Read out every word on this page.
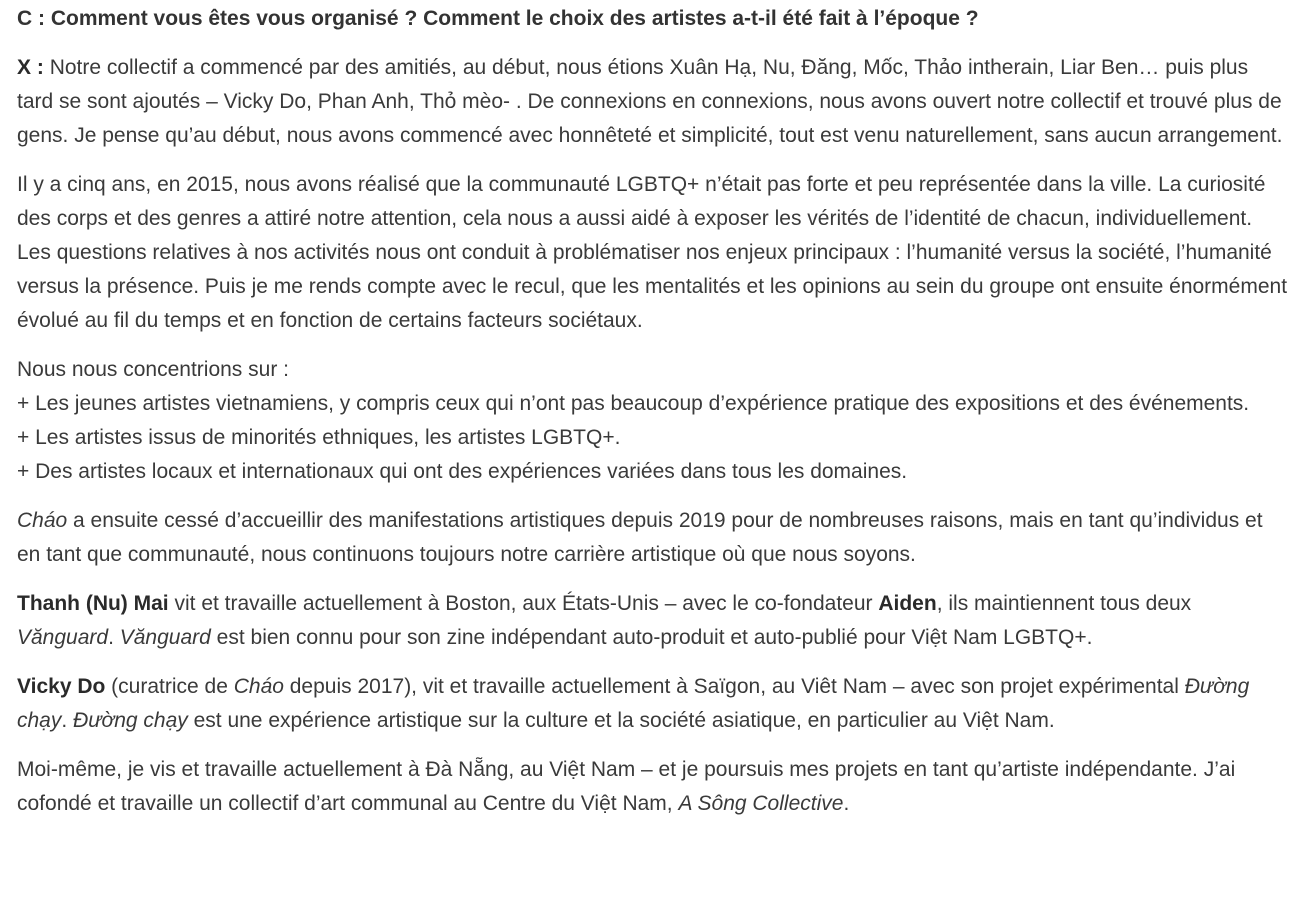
C : Comment vous êtes vous organisé ? Comment le choix des artistes a-t-il été fait à l’époque ?

X : Notre collectif a commencé par des amitiés, au début, nous étions Xuân Hạ, Nu, Đăng, Mốc, Thảo intherain, Liar Ben… puis plus tard se sont ajoutés – Vicky Do, Phan Anh, Thỏ mèo- . De connexions en connexions, nous avons ouvert notre collectif et trouvé plus de gens. Je pense qu’au début, nous avons commencé avec honnêteté et simplicité, tout est venu naturellement, sans aucun arrangement.

Il y a cinq ans, en 2015, nous avons réalisé que la communauté LGBTQ+ n’était pas forte et peu représentée dans la ville. La curiosité des corps et des genres a attiré notre attention, cela nous a aussi aidé à exposer les vérités de l’identité de chacun, individuellement. Les questions relatives à nos activités nous ont conduit à problématiser nos enjeux principaux : l’humanité versus la société, l’humanité versus la présence. Puis je me rends compte avec le recul, que les mentalités et les opinions au sein du groupe ont ensuite énormément évolué au fil du temps et en fonction de certains facteurs sociétaux.

Nous nous concentrions sur :
+ Les jeunes artistes vietnamiens, y compris ceux qui n’ont pas beaucoup d’expérience pratique des expositions et des événements.
+ Les artistes issus de minorités ethniques, les artistes LGBTQ+.
+ Des artistes locaux et internationaux qui ont des expériences variées dans tous les domaines.

Cháo a ensuite cessé d’accueillir des manifestations artistiques depuis 2019 pour de nombreuses raisons, mais en tant qu’individus et en tant que communauté, nous continuons toujours notre carrière artistique où que nous soyons.

Thanh (Nu) Mai vit et travaille actuellement à Boston, aux États-Unis – avec le co-fondateur Aiden, ils maintiennent tous deux Vănguard. Vănguard est bien connu pour son zine indépendant auto-produit et auto-publié pour Việt Nam LGBTQ+.

Vicky Do (curatrice de Cháo depuis 2017), vit et travaille actuellement à Saïgon, au Viêt Nam – avec son projet expérimental Đường chạy. Đường chạy est une expérience artistique sur la culture et la société asiatique, en particulier au Việt Nam.

Moi-même, je vis et travaille actuellement à Đà Nẵng, au Việt Nam – et je poursuis mes projets en tant qu’artiste indépendante. J’ai cofondé et travaille un collectif d’art communal au Centre du Việt Nam, A Sông Collective.
